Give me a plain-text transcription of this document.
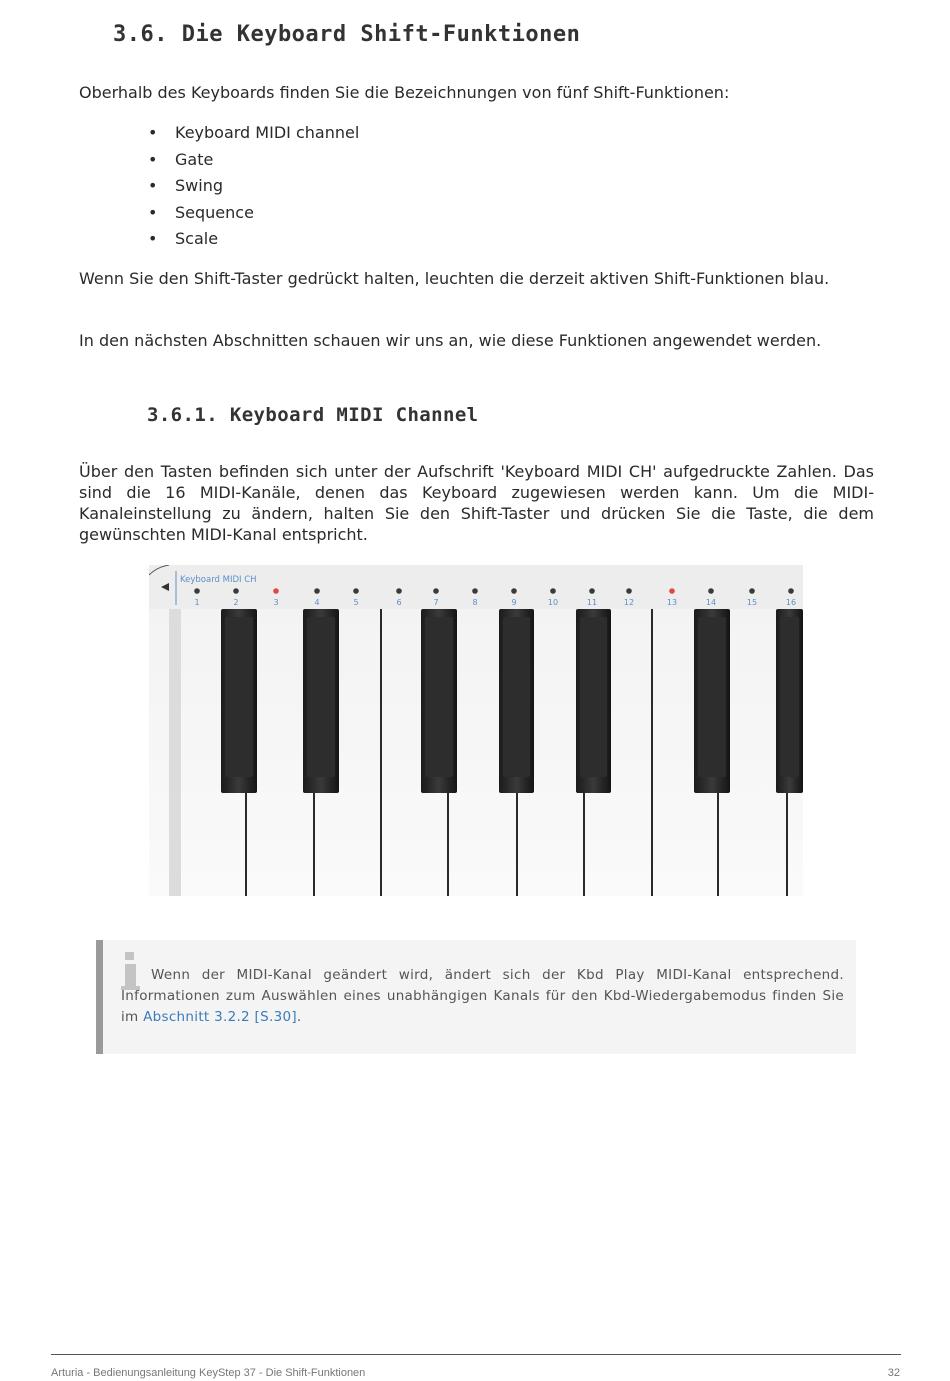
3.6. Die Keyboard Shift-Funktionen

Oberhalb des Keyboards finden Sie die Bezeichnungen von fünf Shift-Funktionen:

• Keyboard MIDI channel
• Gate
• Swing
• Sequence
• Scale

Wenn Sie den Shift-Taster gedrückt halten, leuchten die derzeit aktiven Shift-Funktionen blau.

In den nächsten Abschnitten schauen wir uns an, wie diese Funktionen angewendet werden.

3.6.1. Keyboard MIDI Channel

Über den Tasten befinden sich unter der Aufschrift 'Keyboard MIDI CH' aufgedruckte Zahlen. Das sind die 16 MIDI-Kanäle, denen das Keyboard zugewiesen werden kann. Um die MIDI-Kanaleinstellung zu ändern, halten Sie den Shift-Taster und drücken Sie die Taste, die dem gewünschten MIDI-Kanal entspricht.

Keyboard MIDI CH
1	2	3	4	5	6	7	8	9	10	11	12	13	14	15	16

Wenn der MIDI-Kanal geändert wird, ändert sich der Kbd Play MIDI-Kanal entsprechend. Informationen zum Auswählen eines unabhängigen Kanals für den Kbd-Wiedergabemodus finden Sie im Abschnitt 3.2.2 [S.30].

Arturia - Bedienungsanleitung KeyStep 37 - Die Shift-Funktionen	32
